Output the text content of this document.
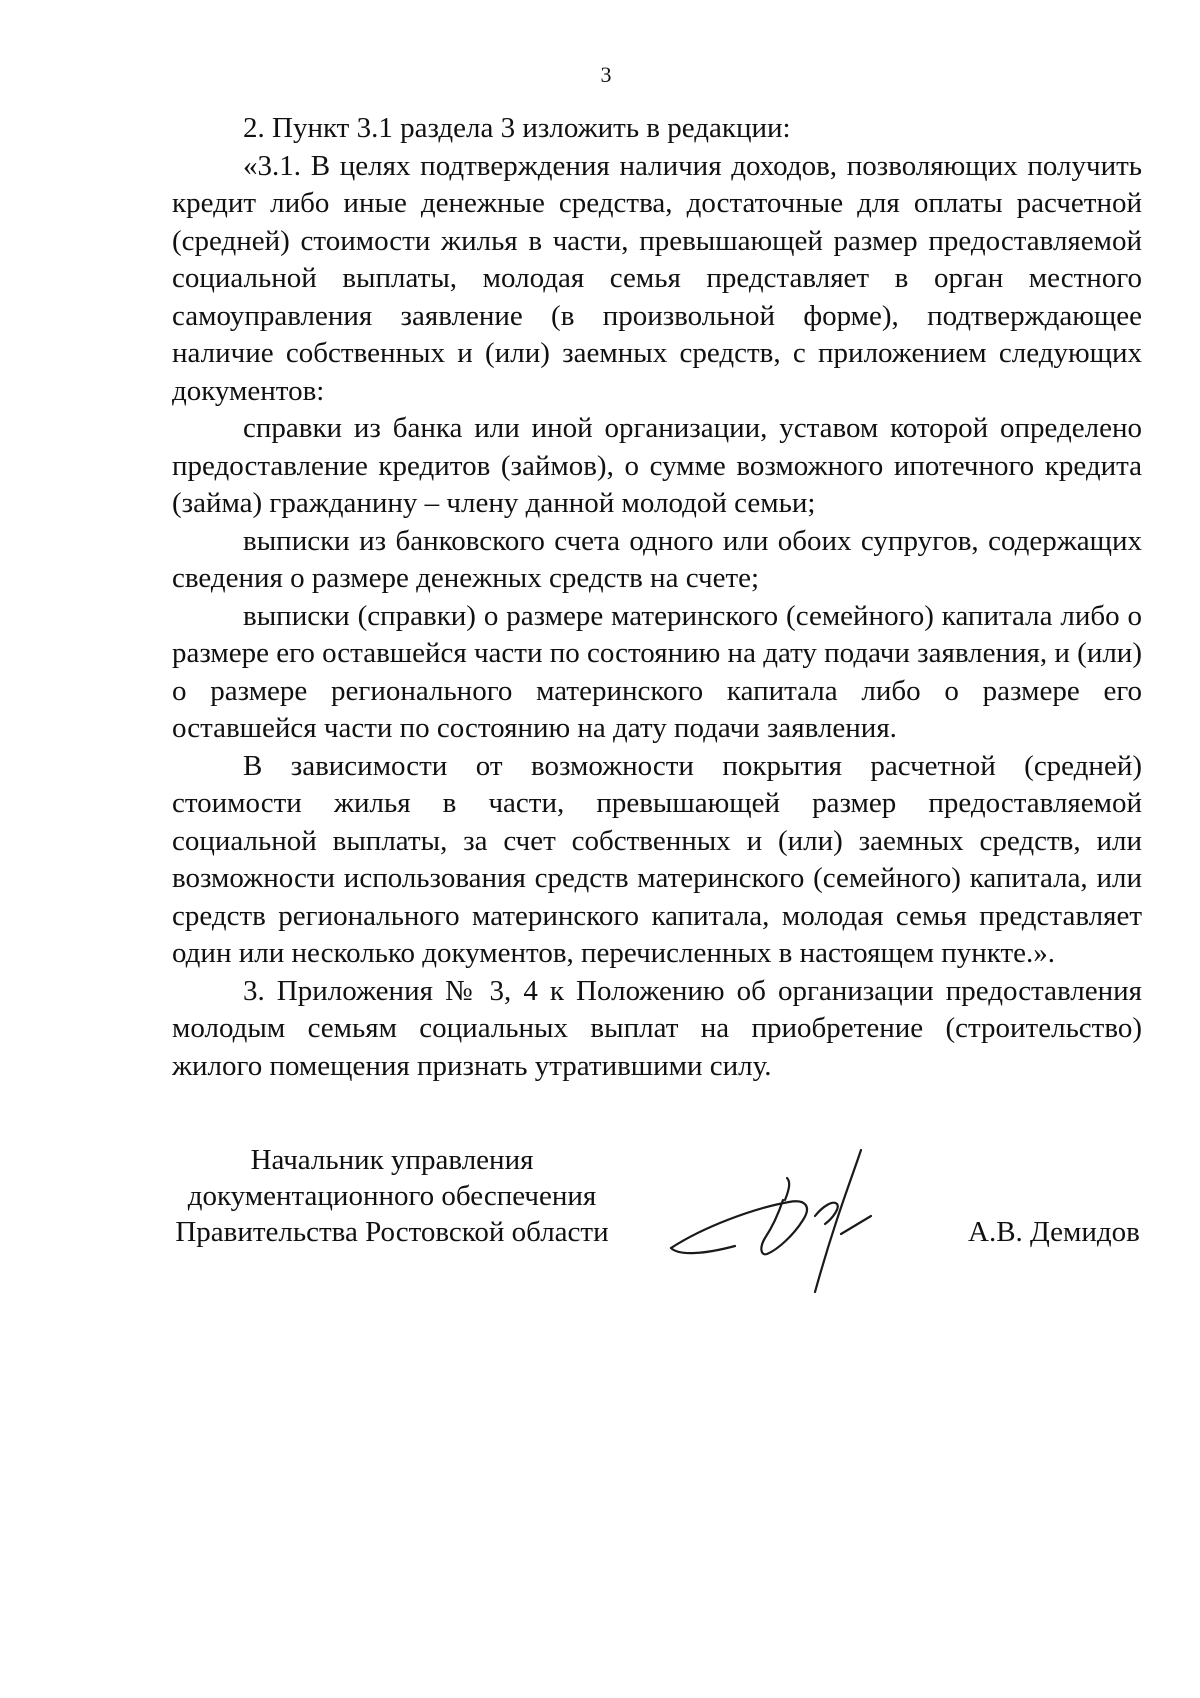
3

2. Пункт 3.1 раздела 3 изложить в редакции:

«3.1. В целях подтверждения наличия доходов, позволяющих получить кредит либо иные денежные средства, достаточные для оплаты расчетной (средней) стоимости жилья в части, превышающей размер предоставляемой социальной выплаты, молодая семья представляет в орган местного самоуправления заявление (в произвольной форме), подтверждающее наличие собственных и (или) заемных средств, с приложением следующих документов:

справки из банка или иной организации, уставом которой определено предоставление кредитов (займов), о сумме возможного ипотечного кредита (займа) гражданину – члену данной молодой семьи;

выписки из банковского счета одного или обоих супругов, содержащих сведения о размере денежных средств на счете;

выписки (справки) о размере материнского (семейного) капитала либо о размере его оставшейся части по состоянию на дату подачи заявления, и (или) о размере регионального материнского капитала либо о размере его оставшейся части по состоянию на дату подачи заявления.

В зависимости от возможности покрытия расчетной (средней) стоимости жилья в части, превышающей размер предоставляемой социальной выплаты, за счет собственных и (или) заемных средств, или возможности использования средств материнского (семейного) капитала, или средств регионального материнского капитала, молодая семья представляет один или несколько документов, перечисленных в настоящем пункте.».

3. Приложения № 3, 4 к Положению об организации предоставления молодым семьям социальных выплат на приобретение (строительство) жилого помещения признать утратившими силу.

Начальник управления
документационного обеспечения
Правительства Ростовской области	А.В. Демидов
